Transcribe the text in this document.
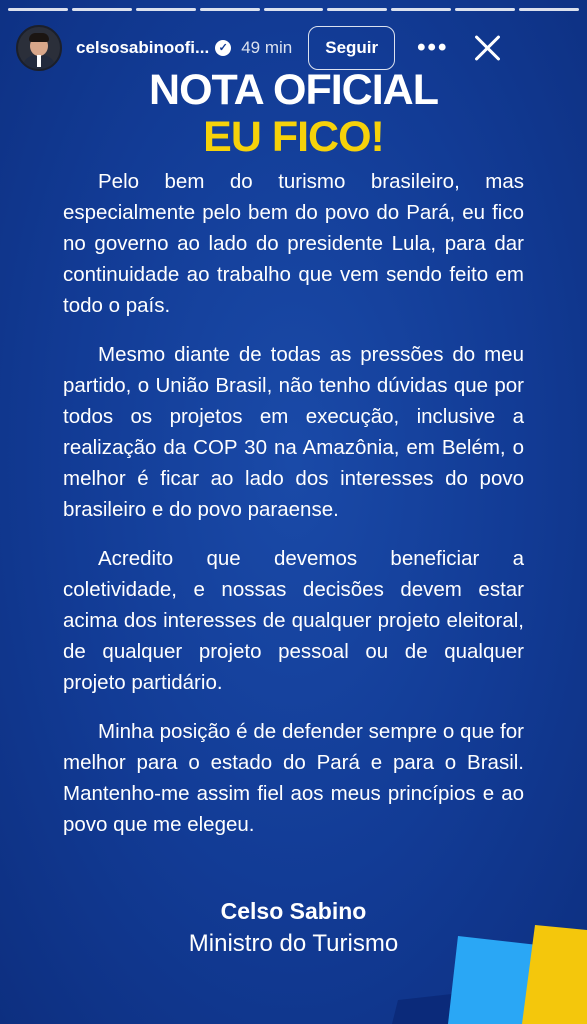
celsosabinoofi... ✓ 49 min	Seguir	•••
NOTA OFICIAL
EU FICO!

Pelo bem do turismo brasileiro, mas especialmente pelo bem do povo do Pará, eu fico no governo ao lado do presidente Lula, para dar continuidade ao trabalho que vem sendo feito em todo o país.

Mesmo diante de todas as pressões do meu partido, o União Brasil, não tenho dúvidas que por todos os projetos em execução, inclusive a realização da COP 30 na Amazônia, em Belém, o melhor é ficar ao lado dos interesses do povo brasileiro e do povo paraense.

Acredito que devemos beneficiar a coletividade, e nossas decisões devem estar acima dos interesses de qualquer projeto eleitoral, de qualquer projeto pessoal ou de qualquer projeto partidário.

Minha posição é de defender sempre o que for melhor para o estado do Pará e para o Brasil. Mantenho-me assim fiel aos meus princípios e ao povo que me elegeu.

Celso Sabino
Ministro do Turismo
